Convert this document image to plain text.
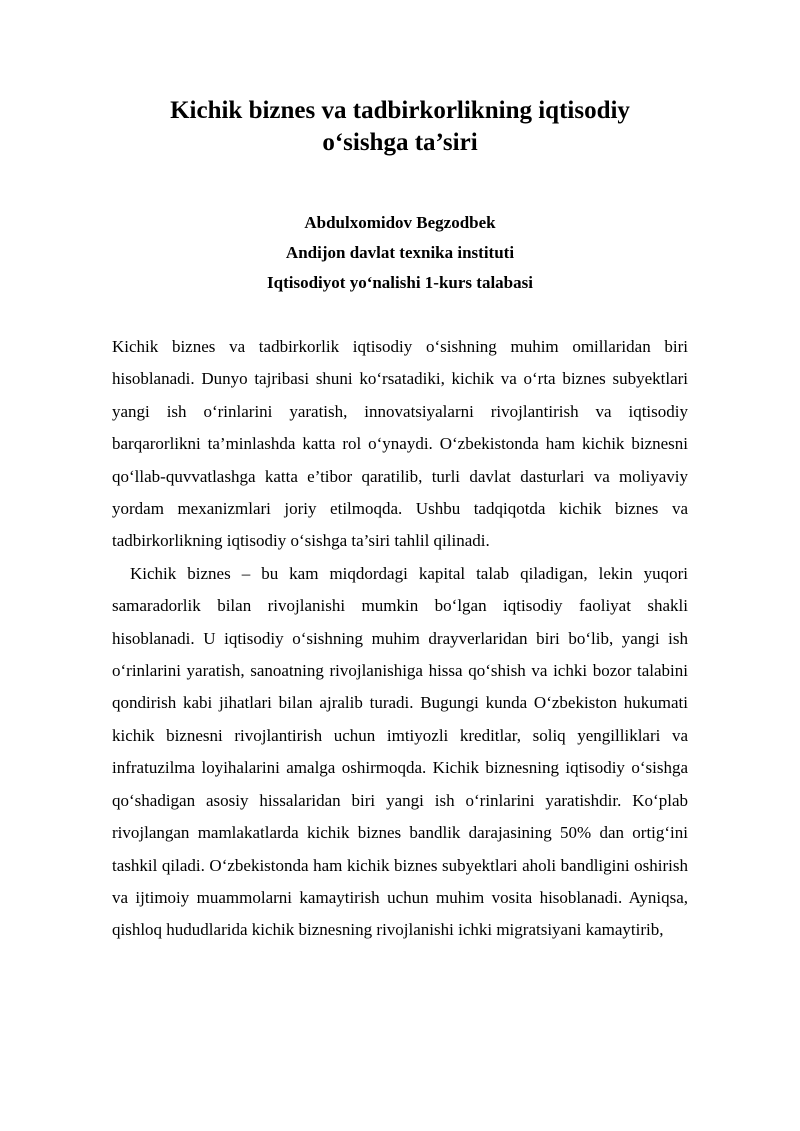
Kichik biznes va tadbirkorlikning iqtisodiy
o‘sishga ta’siri
Abdulxomidov Begzodbek
Andijon davlat texnika instituti
Iqtisodiyot yo‘nalishi 1-kurs talabasi

Kichik biznes va tadbirkorlik iqtisodiy o‘sishning muhim omillaridan biri hisoblanadi. Dunyo tajribasi shuni ko‘rsatadiki, kichik va o‘rta biznes subyektlari yangi ish o‘rinlarini yaratish, innovatsiyalarni rivojlantirish va iqtisodiy barqarorlikni ta’minlashda katta rol o‘ynaydi. O‘zbekistonda ham kichik biznesni qo‘llab-quvvatlashga katta e’tibor qaratilib, turli davlat dasturlari va moliyaviy yordam mexanizmlari joriy etilmoqda. Ushbu tadqiqotda kichik biznes va tadbirkorlikning iqtisodiy o‘sishga ta’siri tahlil qilinadi.

Kichik biznes – bu kam miqdordagi kapital talab qiladigan, lekin yuqori samaradorlik bilan rivojlanishi mumkin bo‘lgan iqtisodiy faoliyat shakli hisoblanadi. U iqtisodiy o‘sishning muhim drayverlaridan biri bo‘lib, yangi ish o‘rinlarini yaratish, sanoatning rivojlanishiga hissa qo‘shish va ichki bozor talabini qondirish kabi jihatlari bilan ajralib turadi. Bugungi kunda O‘zbekiston hukumati kichik biznesni rivojlantirish uchun imtiyozli kreditlar, soliq yengilliklari va infratuzilma loyihalarini amalga oshirmoqda. Kichik biznesning iqtisodiy o‘sishga qo‘shadigan asosiy hissalaridan biri yangi ish o‘rinlarini yaratishdir. Ko‘plab rivojlangan mamlakatlarda kichik biznes bandlik darajasining 50% dan ortig‘ini tashkil qiladi. O‘zbekistonda ham kichik biznes subyektlari aholi bandligini oshirish va ijtimoiy muammolarni kamaytirish uchun muhim vosita hisoblanadi. Ayniqsa, qishloq hududlarida kichik biznesning rivojlanishi ichki migratsiyani kamaytirib,
